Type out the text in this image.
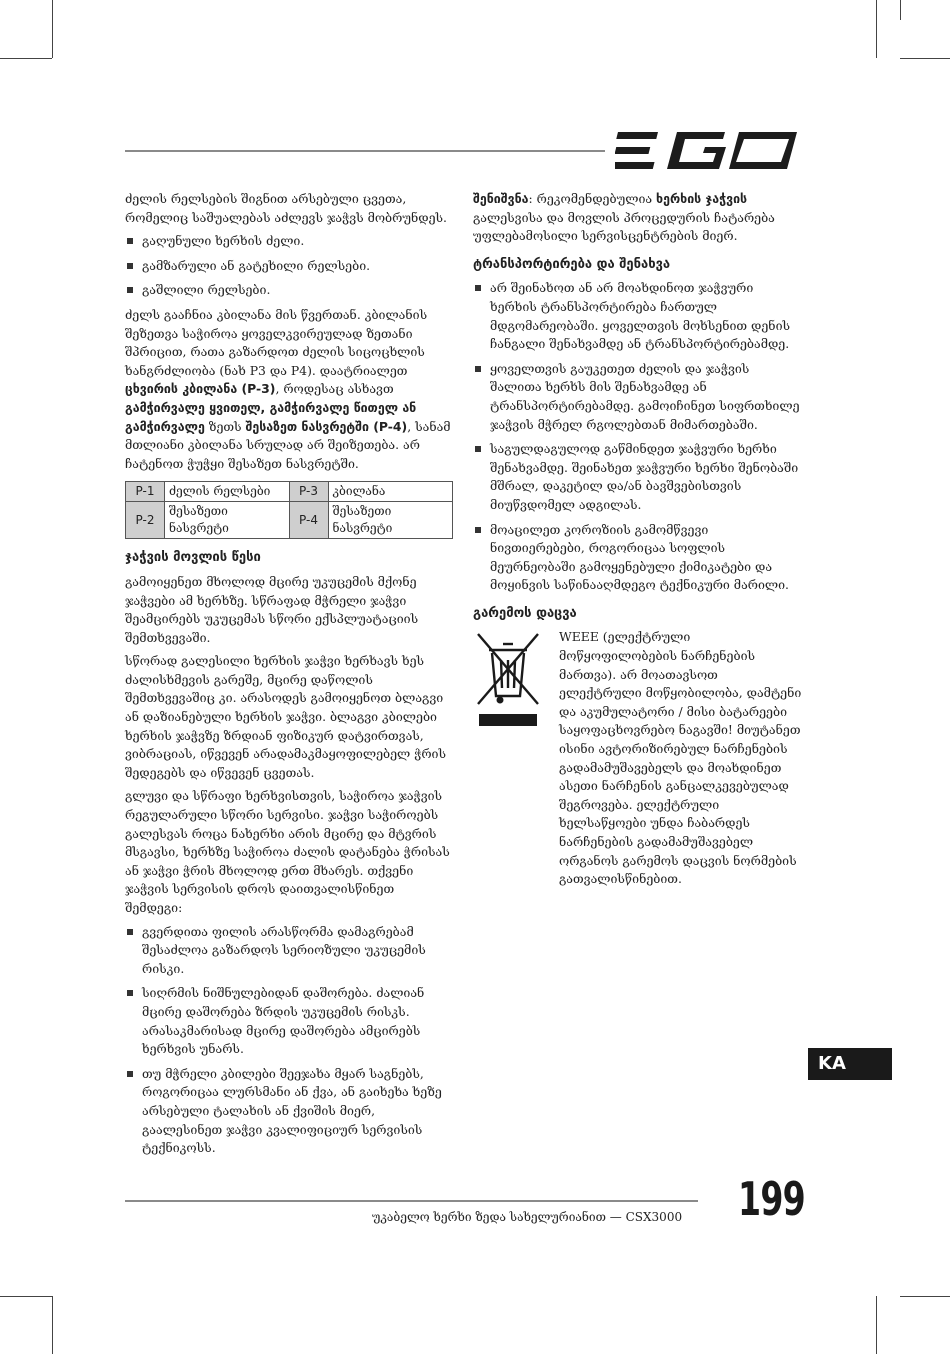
ძელის რელსების შიგნით არსებული ცვეთა, რომელიც საშუალებას აძლევს ჯაჭვს მობრუნდეს.

გაღუნული ხერხის ძელი.
გამზარული ან გატეხილი რელსები.
გაშლილი რელსები.

ძელს გააჩნია კბილანა მის წვერთან. კბილანის შეზეთვა საჭიროა ყოველკვირეულად ზეთანი შპრიცით, რათა გაზარდოთ ძელის სიცოცხლის ხანგრძლიობა (ნახ P3 და P4). დაატრიალეთ ცხვირის კბილანა (P-3), როდესაც ასხავთ გამჭირვალე ყვითელ, გამჭირვალე წითელ ან გამჭირვალე ზეთს შესაზეთ ნასვრეტში (P-4), სანამ მთლიანი კბილანა სრულად არ შეიზეთება. არ ჩატენოთ ჭუჭყი შესაზეთ ნასვრეტში.

P-1	ძელის რელსები	P-3	კბილანა
P-2	შესაზეთი ნასვრეტი	P-4	შესაზეთი ნასვრეტი
ჯაჭვის მოვლის წესი

გამოიყენეთ მხოლოდ მცირე უკუცემის მქონე ჯაჭვები ამ ხერხზე. სწრაფად მჭრელი ჯაჭვი შეამცირებს უკუცემას სწორი ექსპლუატაციის შემთხვევაში.

სწორად გალესილი ხერხის ჯაჭვი ხერხავს ხეს ძალისხმევის გარეშე, მცირე დაწოლის შემთხვევაშიც კი. არასოდეს გამოიყენოთ ბლაგვი ან დაზიანებული ხერხის ჯაჭვი. ბლაგვი კბილები ხერხის ჯაჭვზე ზრდიან ფიზიკურ დატვირთვას, ვიბრაციას, იწვევენ არადამაკმაყოფილებელ ჭრის შედეგებს და იწვევენ ცვეთას.

გლუვი და სწრაფი ხერხვისთვის, საჭიროა ჯაჭვის რეგულარული სწორი სერვისი. ჯაჭვი საჭიროებს გალესვას როცა ნახერხი არის მცირე და მტვრის მსგავსი, ხერხზე საჭიროა ძალის დატანება ჭრისას ან ჯაჭვი ჭრის მხოლოდ ერთ მხარეს. თქვენი ჯაჭვის სერვისის დროს დაითვალისწინეთ შემდეგი:

გვერდითა ფილის არასწორმა დამაგრებამ შესაძლოა გაზარდოს სერიოზული უკუცემის რისკი.
სიღრმის ნიშნულებიდან დაშორება. ძალიან მცირე დაშორება ზრდის უკუცემის რისკს. არასაკმარისად მცირე დაშორება ამცირებს ხერხვის უნარს.
თუ მჭრელი კბილები შეეჯახა მყარ საგნებს, როგორიცაა ლურსმანი ან ქვა, ან გაიხეხა ხეზე არსებული ტალახის ან ქვიშის მიერ, გაალესინეთ ჯაჭვი კვალიფიციურ სერვისის ტექნიკოსს.

შენიშვნა: რეკომენდებულია ხერხის ჯაჭვის გალესვისა და მოვლის პროცედურის ჩატარება უფლებამოსილი სერვისცენტრების მიერ.

ტრანსპორტირება და შენახვა
არ შეინახოთ ან არ მოახდინოთ ჯაჭვური ხერხის ტრანსპორტირება ჩართულ მდგომარეობაში. ყოველთვის მოხსენით დენის ჩანგალი შენახვამდე ან ტრანსპორტირებამდე.
ყოველთვის გაუკეთეთ ძელის და ჯაჭვის შალითა ხერხს მის შენახვამდე ან ტრანსპორტირებამდე. გამოიჩინეთ სიფრთხილე ჯაჭვის მჭრელ რგოლებთან მიმართებაში.
საგულდაგულოდ გაწმინდეთ ჯაჭვური ხერხი შენახვამდე. შეინახეთ ჯაჭვური ხერხი შენობაში მშრალ, დაკეტილ და/ან ბავშვებისთვის მიუწვდომელ ადგილას.
მოაცილეთ კოროზიის გამომწვევი ნივთიერებები, როგორიცაა სოფლის მეურნეობაში გამოყენებული ქიმიკატები და მოყინვის საწინააღმდეგო ტექნიკური მარილი.
გარემოს დაცვა
WEEE (ელექტრული მოწყოფილობების ნარჩენების მართვა). არ მოათავსოთ ელექტრული მოწყობილობა, დამტენი და აკუმულატორი / მისი ბატარეები საყოფაცხოვრებო ნაგავში! მიუტანეთ ისინი ავტორიზირებულ ნარჩენების გადამამუშავებელს და მოახდინეთ ასეთი ნარჩენის განცალკევებულად შეგროვება. ელექტრული ხელსაწყოები უნდა ჩაბარდეს ნარჩენების გადამამუშავებელ ორგანოს გარემოს დაცვის ნორმების გათვალისწინებით.
KA
უკაბელო ხერხი ზედა სახელურიანით — CSX3000 199
